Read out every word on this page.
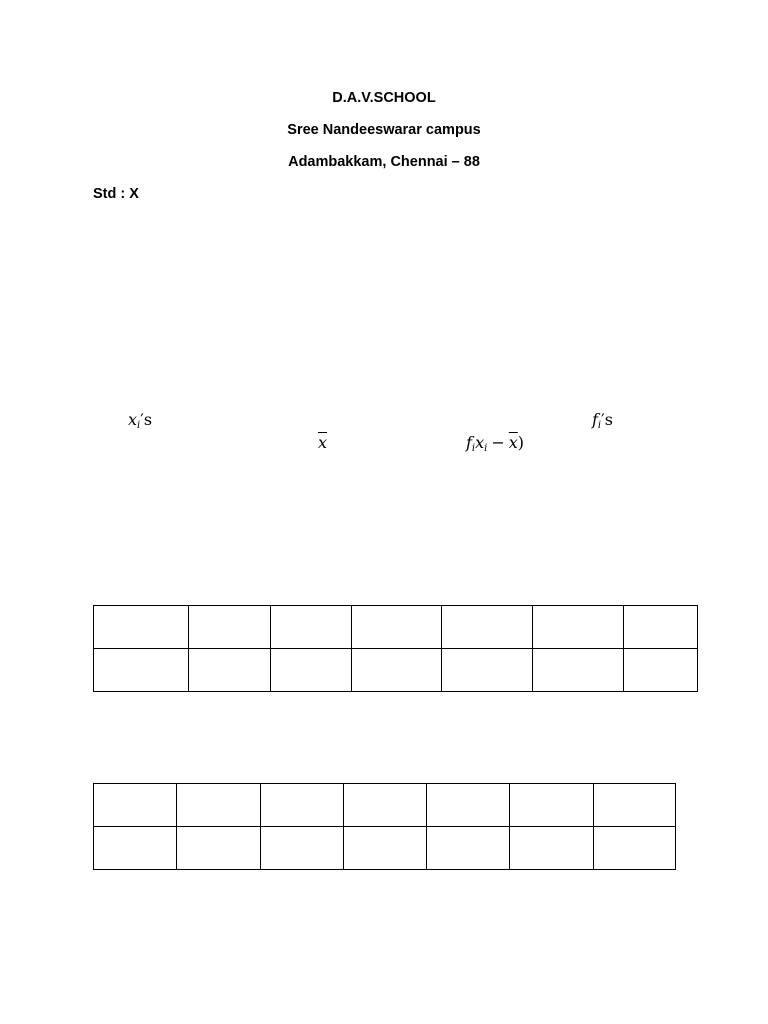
D.A.V.SCHOOL
Sree Nandeeswarar campus
Adambakkam, Chennai – 88
Std : X
$x_i's$	$f_i's$
$\overline{x}$	$f_ix_i - \overline{x}$)
